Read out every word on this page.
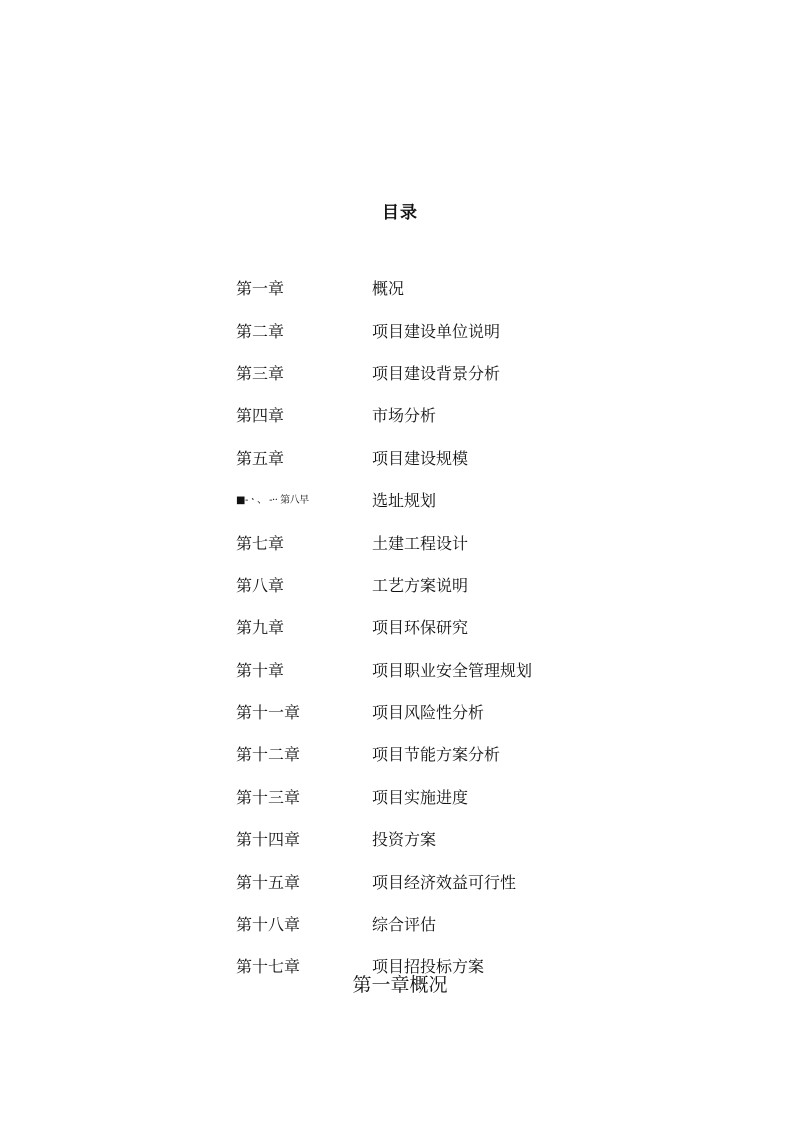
目录
第一章	概况
第二章	项目建设单位说明
第三章	项目建设背景分析
第四章	市场分析
第五章	项目建设规模
■-ㆍ、 -·· 第八早	选址规划
第七章	土建工程设计
第八章	工艺方案说明
第九章	项目环保研究
第十章	项目职业安全管理规划
第十一章	项目风险性分析
第十二章	项目节能方案分析
第十三章	项目实施进度
第十四章	投资方案
第十五章	项目经济效益可行性
第十八章	综合评估
第十七章	项目招投标方案
第一章概况
